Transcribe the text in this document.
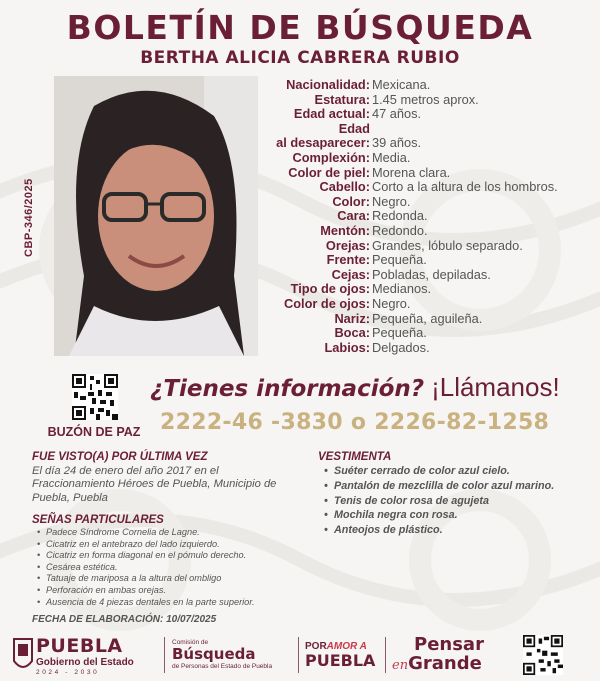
BOLETÍN DE BÚSQUEDA
BERTHA ALICIA CABRERA RUBIO
CBP-346/2025
Nacionalidad: Mexicana.
Estatura: 1.45 metros aprox.
Edad actual: 47 años.
Edad
al desaparecer: 39 años.
Complexión: Media.
Color de piel: Morena clara.
Cabello: Corto a la altura de los hombros.
Color: Negro.
Cara: Redonda.
Mentón: Redondo.
Orejas: Grandes, lóbulo separado.
Frente: Pequeña.
Cejas: Pobladas, depiladas.
Tipo de ojos: Medianos.
Color de ojos: Negro.
Nariz: Pequeña, aguileña.
Boca: Pequeña.
Labios: Delgados.
BUZÓN DE PAZ
¿Tienes información? ¡Llámanos!
2222-46 -3830 o 2226-82-1258
FUE VISTO(A) POR ÚLTIMA VEZ

El día 24 de enero del año 2017 en el Fraccionamiento Héroes de Puebla, Municipio de Puebla, Puebla

VESTIMENTA
• Suéter cerrado de color azul cielo.
• Pantalón de mezclilla de color azul marino.
• Tenis de color rosa de agujeta
• Mochila negra con rosa.
• Anteojos de plástico.
SEÑAS PARTICULARES
• Padece Síndrome Cornelia de Lagne.
• Cicatriz en el antebrazo del lado izquierdo.
• Cicatriz en forma diagonal en el pómulo derecho.
• Cesárea estética.
• Tatuaje de mariposa a la altura del ombligo
• Perforación en ambas orejas.
• Ausencia de 4 piezas dentales en la parte superior.
FECHA DE ELABORACIÓN: 10/07/2025
PUEBLA
Gobierno del Estado
2024 - 2030
Comisión de
Búsqueda
de Personas del Estado de Puebla
PORAMOR A
PUEBLA
Pensar
enGrande
